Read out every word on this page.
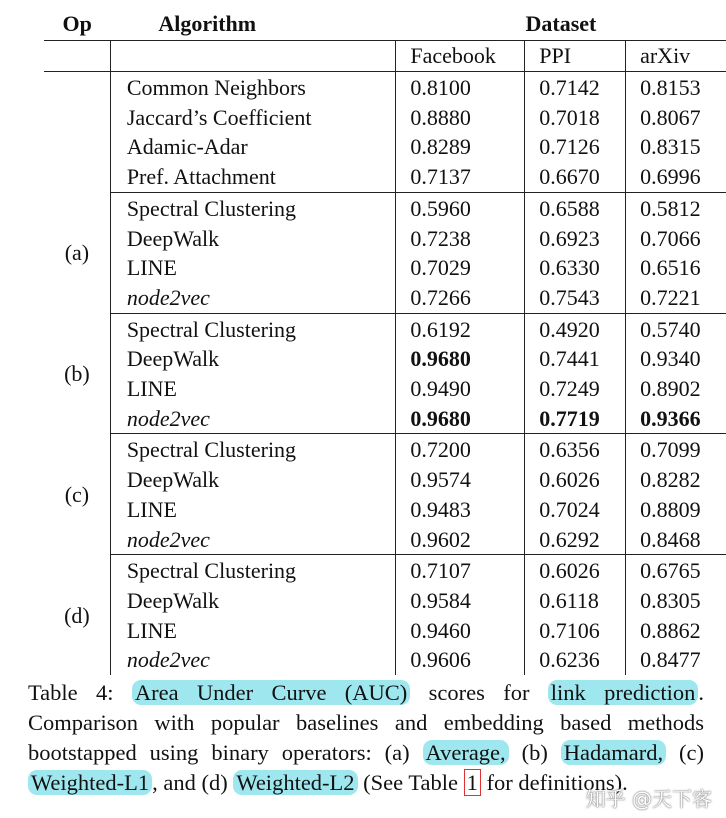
Op	Algorithm	Dataset		
		Facebook	PPI	arXiv
	Common Neighbors	0.8100	0.7142	0.8153
	Jaccard’s Coefficient	0.8880	0.7018	0.8067
	Adamic-Adar	0.8289	0.7126	0.8315
	Pref. Attachment	0.7137	0.6670	0.6996
(a)	Spectral Clustering	0.5960	0.6588	0.5812
	DeepWalk	0.7238	0.6923	0.7066
	LINE	0.7029	0.6330	0.6516
	node2vec	0.7266	0.7543	0.7221
(b)	Spectral Clustering	0.6192	0.4920	0.5740
	DeepWalk	0.9680	0.7441	0.9340
	LINE	0.9490	0.7249	0.8902
	node2vec	0.9680	0.7719	0.9366
(c)	Spectral Clustering	0.7200	0.6356	0.7099
	DeepWalk	0.9574	0.6026	0.8282
	LINE	0.9483	0.7024	0.8809
	node2vec	0.9602	0.6292	0.8468
(d)	Spectral Clustering	0.7107	0.6026	0.6765
	DeepWalk	0.9584	0.6118	0.8305
	LINE	0.9460	0.7106	0.8862
	node2vec	0.9606	0.6236	0.8477
Table 4: Area Under Curve (AUC) scores for link prediction . Comparison with popular baselines and embedding based methods bootstapped using binary operators: (a) Average, (b) Hadamard, (c) Weighted-L1 , and (d) Weighted-L2 (See Table 1 for definitions).
知乎 @天下客
